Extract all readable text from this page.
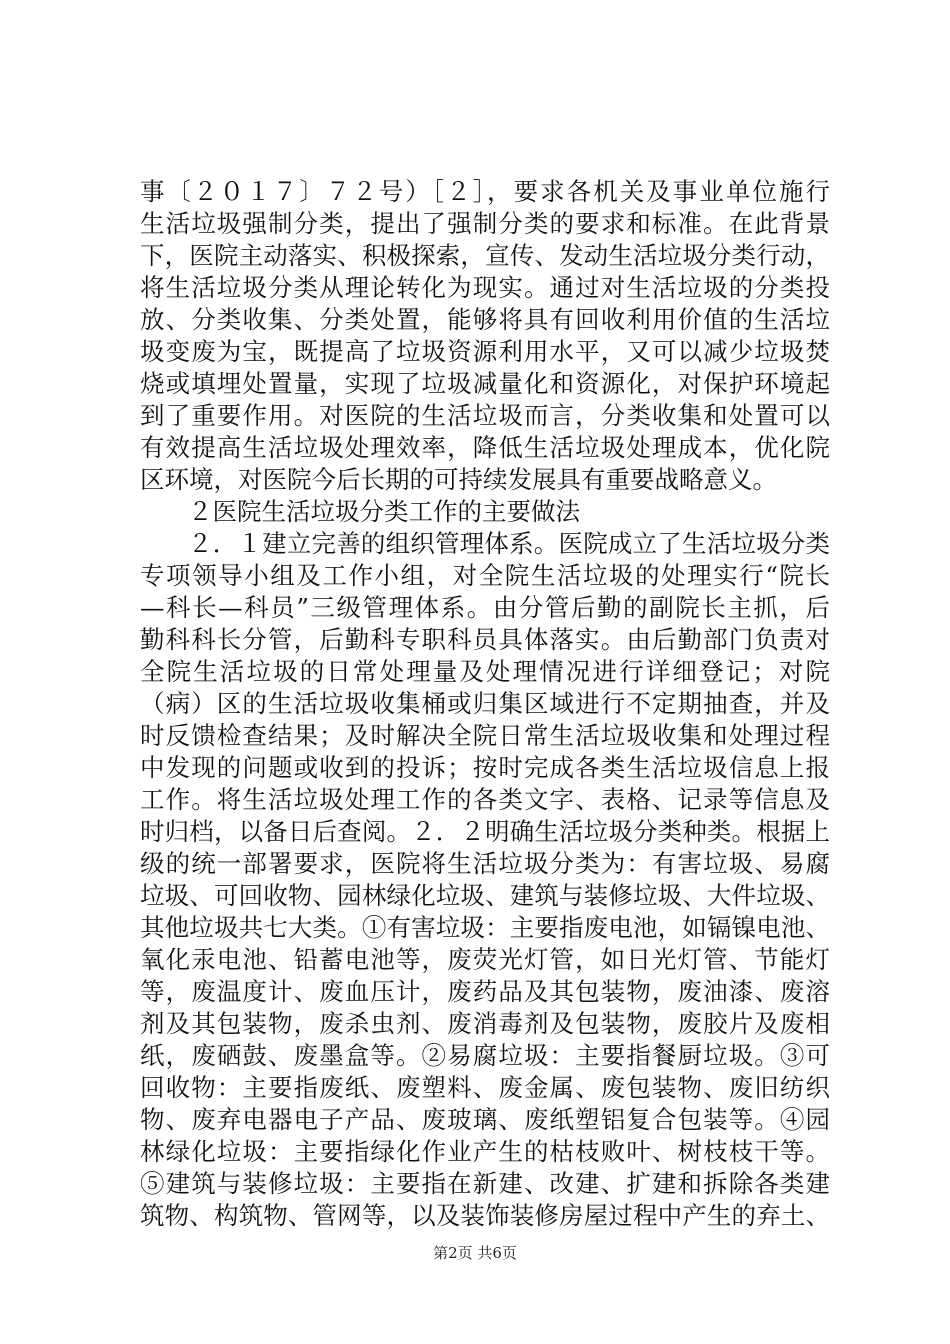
事〔２０１７〕７２号）［２］，要求各机关及事业单位施行
生活垃圾强制分类，提出了强制分类的要求和标准。在此背景
下，医院主动落实、积极探索，宣传、发动生活垃圾分类行动，
将生活垃圾分类从理论转化为现实。通过对生活垃圾的分类投
放、分类收集、分类处置，能够将具有回收利用价值的生活垃
圾变废为宝，既提高了垃圾资源利用水平，又可以减少垃圾焚
烧或填埋处置量，实现了垃圾减量化和资源化，对保护环境起
到了重要作用。对医院的生活垃圾而言，分类收集和处置可以
有效提高生活垃圾处理效率，降低生活垃圾处理成本，优化院
区环境，对医院今后长期的可持续发展具有重要战略意义。
２医院生活垃圾分类工作的主要做法
２．１建立完善的组织管理体系。医院成立了生活垃圾分类
专项领导小组及工作小组，对全院生活垃圾的处理实行“院长
—科长—科员”三级管理体系。由分管后勤的副院长主抓，后
勤科科长分管，后勤科专职科员具体落实。由后勤部门负责对
全院生活垃圾的日常处理量及处理情况进行详细登记；对院
（病）区的生活垃圾收集桶或归集区域进行不定期抽查，并及
时反馈检查结果；及时解决全院日常生活垃圾收集和处理过程
中发现的问题或收到的投诉；按时完成各类生活垃圾信息上报
工作。将生活垃圾处理工作的各类文字、表格、记录等信息及
时归档，以备日后查阅。２．２明确生活垃圾分类种类。根据上
级的统一部署要求，医院将生活垃圾分类为：有害垃圾、易腐
垃圾、可回收物、园林绿化垃圾、建筑与装修垃圾、大件垃圾、
其他垃圾共七大类。①有害垃圾：主要指废电池，如镉镍电池、
氧化汞电池、铅蓄电池等，废荧光灯管，如日光灯管、节能灯
等，废温度计、废血压计，废药品及其包装物，废油漆、废溶
剂及其包装物，废杀虫剂、废消毒剂及包装物，废胶片及废相
纸，废硒鼓、废墨盒等。②易腐垃圾：主要指餐厨垃圾。③可
回收物：主要指废纸、废塑料、废金属、废包装物、废旧纺织
物、废弃电器电子产品、废玻璃、废纸塑铝复合包装等。④园
林绿化垃圾：主要指绿化作业产生的枯枝败叶、树枝枝干等。
⑤建筑与装修垃圾：主要指在新建、改建、扩建和拆除各类建
筑物、构筑物、管网等，以及装饰装修房屋过程中产生的弃土、
第2页 共6页
